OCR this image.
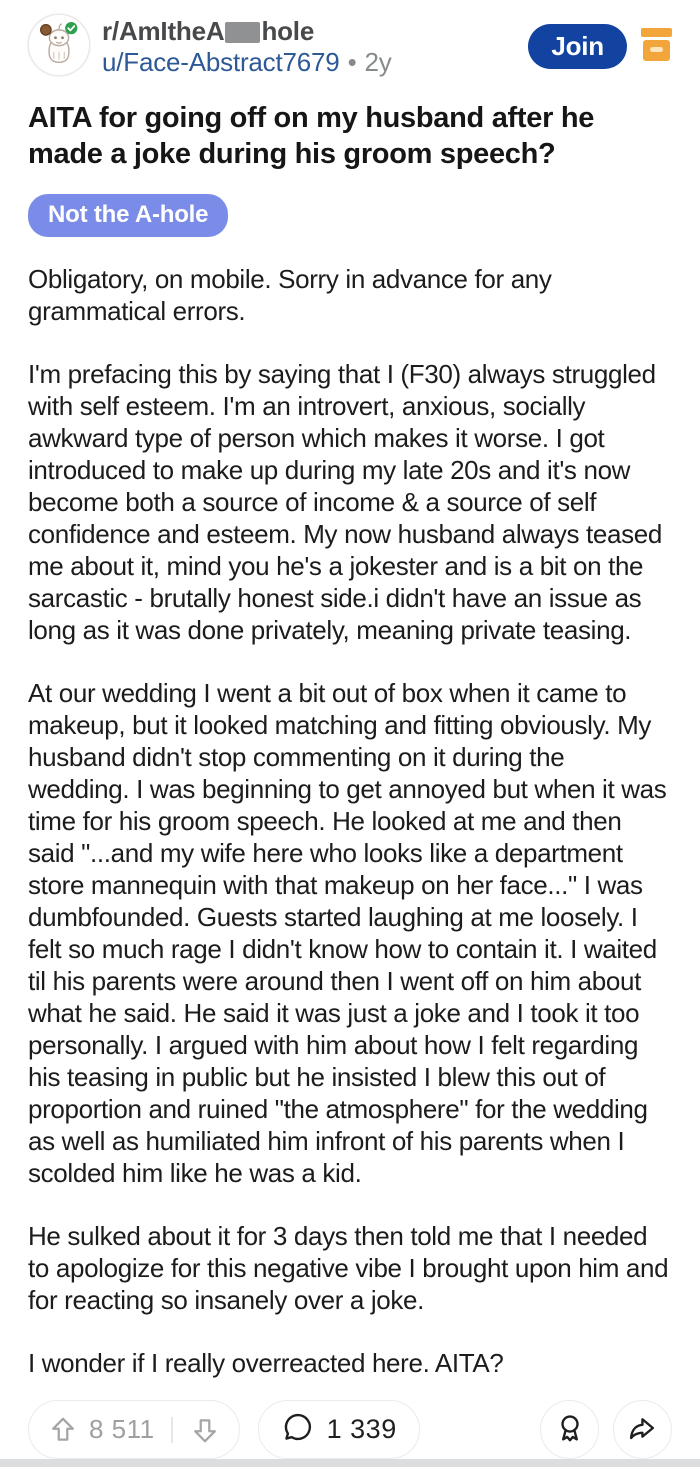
r/AmItheA hole
u/Face-Abstract7679 • 2y
Join
AITA for going off on my husband after he made a joke during his groom speech?
Not the A-hole

Obligatory, on mobile. Sorry in advance for any grammatical errors.

I'm prefacing this by saying that I (F30) always struggled with self esteem. I'm an introvert, anxious, socially awkward type of person which makes it worse. I got introduced to make up during my late 20s and it's now become both a source of income & a source of self confidence and esteem. My now husband always teased me about it, mind you he's a jokester and is a bit on the sarcastic - brutally honest side.i didn't have an issue as long as it was done privately, meaning private teasing.

At our wedding I went a bit out of box when it came to makeup, but it looked matching and fitting obviously. My husband didn't stop commenting on it during the wedding. I was beginning to get annoyed but when it was time for his groom speech. He looked at me and then said "...and my wife here who looks like a department store mannequin with that makeup on her face..." I was dumbfounded. Guests started laughing at me loosely. I felt so much rage I didn't know how to contain it. I waited til his parents were around then I went off on him about what he said. He said it was just a joke and I took it too personally. I argued with him about how I felt regarding his teasing in public but he insisted I blew this out of proportion and ruined "the atmosphere" for the wedding as well as humiliated him infront of his parents when I scolded him like he was a kid.

He sulked about it for 3 days then told me that I needed to apologize for this negative vibe I brought upon him and for reacting so insanely over a joke.

I wonder if I really overreacted here. AITA?

8 511	1 339
